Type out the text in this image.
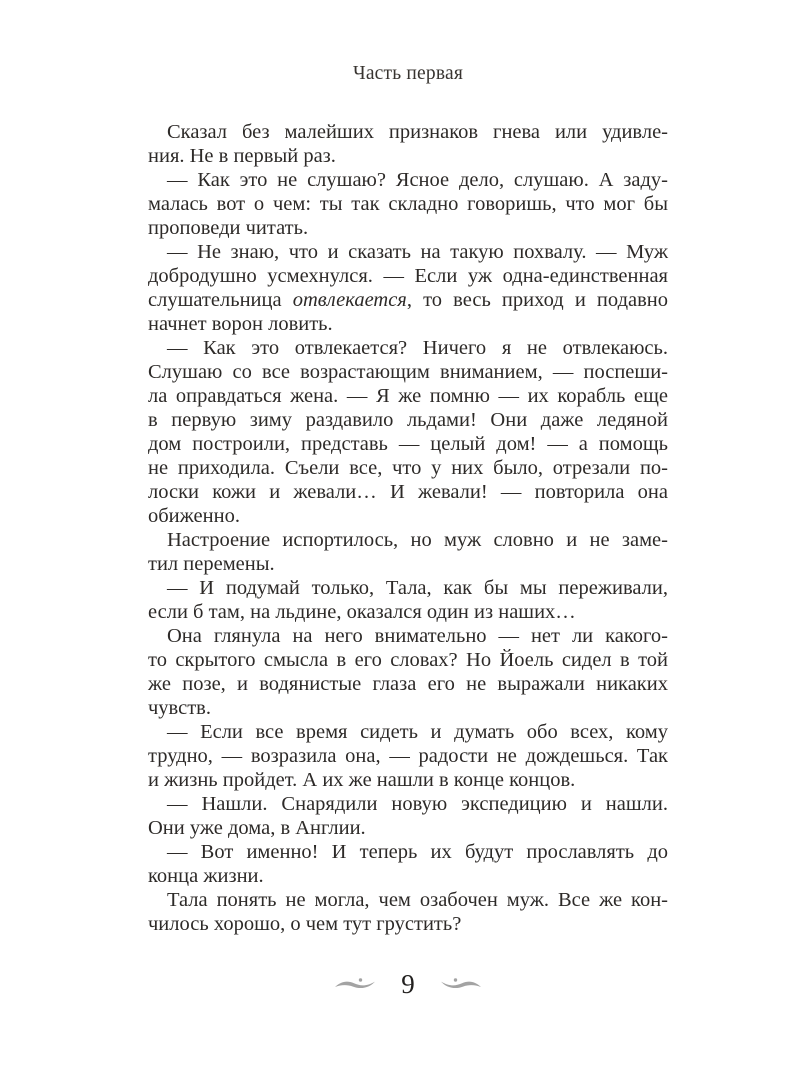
Часть первая
Сказал без малейших признаков гнева или удивле-
ния. Не в первый раз.
— Как это не слушаю? Ясное дело, слушаю. А заду-
малась вот о чем: ты так складно говоришь, что мог бы
проповеди читать.
— Не знаю, что и сказать на такую похвалу. — Муж
добродушно усмехнулся. — Если уж одна-единственная
слушательница отвлекается, то весь приход и подавно
начнет ворон ловить.
— Как это отвлекается? Ничего я не отвлекаюсь.
Слушаю со все возрастающим вниманием, — поспеши-
ла оправдаться жена. — Я же помню — их корабль еще
в первую зиму раздавило льдами! Они даже ледяной
дом построили, представь — целый дом! — а помощь
не приходила. Съели все, что у них было, отрезали по-
лоски кожи и жевали… И жевали! — повторила она
обиженно.
Настроение испортилось, но муж словно и не заме-
тил перемены.
— И подумай только, Тала, как бы мы переживали,
если б там, на льдине, оказался один из наших…
Она глянула на него внимательно — нет ли какого-
то скрытого смысла в его словах? Но Йоель сидел в той
же позе, и водянистые глаза его не выражали никаких
чувств.
— Если все время сидеть и думать обо всех, кому
трудно, — возразила она, — радости не дождешься. Так
и жизнь пройдет. А их же нашли в конце концов.
— Нашли. Снарядили новую экспедицию и нашли.
Они уже дома, в Англии.
— Вот именно! И теперь их будут прославлять до
конца жизни.
Тала понять не могла, чем озабочен муж. Все же кон-
чилось хорошо, о чем тут грустить?
9
